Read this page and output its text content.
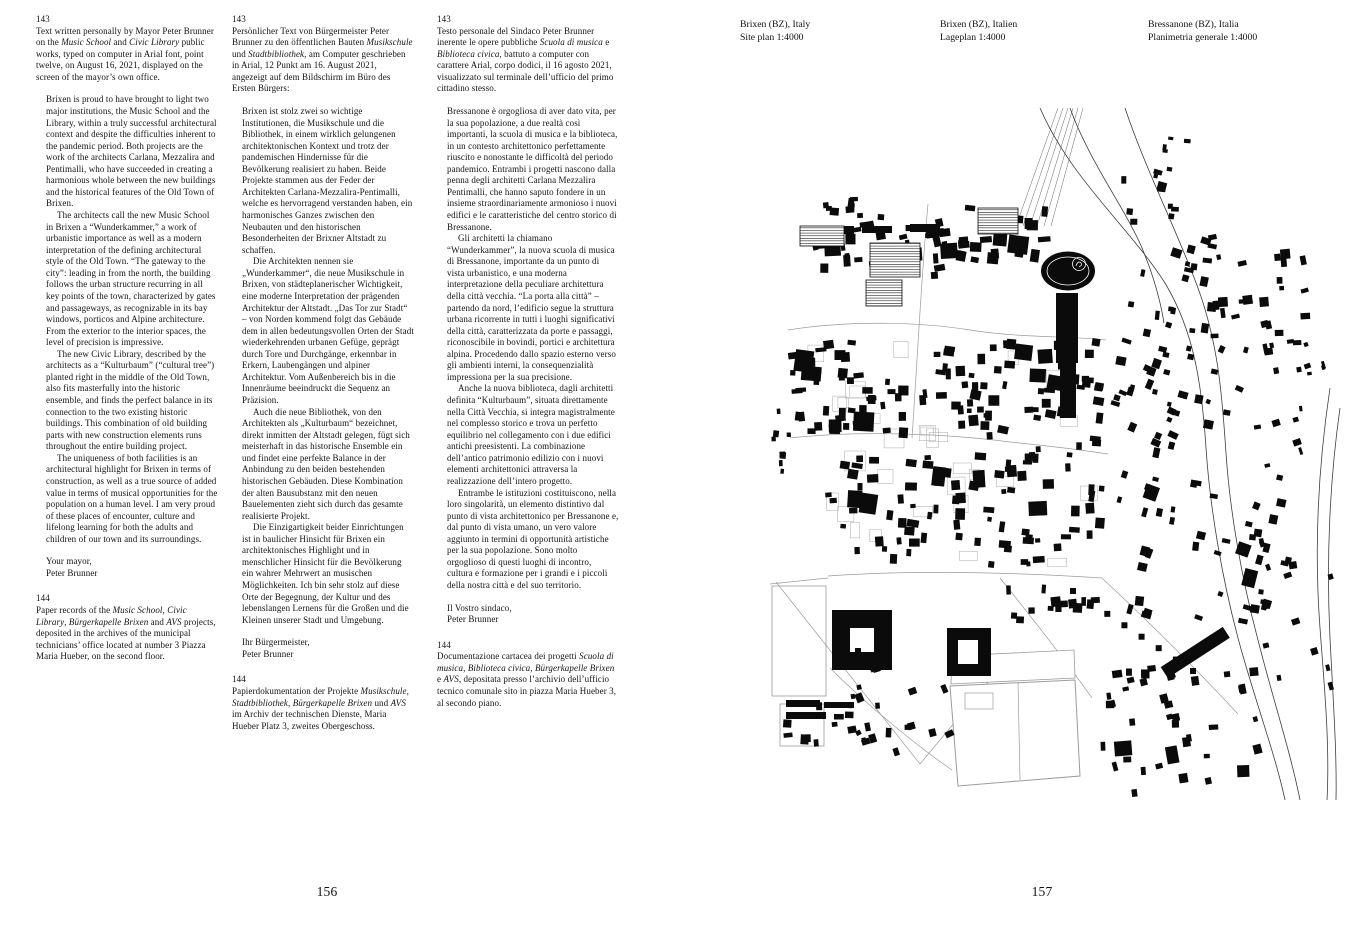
143
Text written personally by Mayor Peter Brunner on the Music School and Civic Library public works, typed on computer in Arial font, point twelve, on August 16, 2021, displayed on the screen of the mayor’s own office.
Brixen is proud to have brought to light two major institutions, the Music School and the Library, within a truly successful architectural context and despite the difficulties inherent to the pandemic period. Both projects are the work of the architects Carlana, Mezzalira and Pentimalli, who have succeeded in creating a harmonious whole between the new buildings and the historical features of the Old Town of Brixen.
The architects call the new Music School in Brixen a “Wunderkammer,” a work of urbanistic importance as well as a modern interpretation of the defining architectural style of the Old Town. “The gateway to the city”: leading in from the north, the building follows the urban structure recurring in all key points of the town, characterized by gates and passageways, as recognizable in its bay windows, porticos and Alpine architecture. From the exterior to the interior spaces, the level of precision is impressive.
The new Civic Library, described by the architects as a “Kulturbaum” (“cultural tree”) planted right in the middle of the Old Town, also fits masterfully into the historic ensemble, and finds the perfect balance in its connection to the two existing historic buildings. This combination of old building parts with new construction elements runs throughout the entire building project.
The uniqueness of both facilities is an architectural highlight for Brixen in terms of construction, as well as a true source of added value in terms of musical opportunities for the population on a human level. I am very proud of these places of encounter, culture and lifelong learning for both the adults and children of our town and its surroundings.
Your mayor,
Peter Brunner
144
Paper records of the Music School, Civic Library, Bürgerkapelle Brixen and AVS projects, deposited in the archives of the municipal technicians’ office located at number 3 Piazza Maria Hueber, on the second floor.
143
Persönlicher Text von Bürgermeister Peter Brunner zu den öffentlichen Bauten Musikschule und Stadtbibliothek, am Computer geschrieben in Arial, 12 Punkt am 16. August 2021, angezeigt auf dem Bildschirm im Büro des Ersten Bürgers:
Brixen ist stolz zwei so wichtige Institutionen, die Musikschule und die Bibliothek, in einem wirklich gelungenen architektonischen Kontext und trotz der pandemischen Hindernisse für die Bevölkerung realisiert zu haben. Beide Projekte stammen aus der Feder der Architekten Carlana-Mezzalira-Pentimalli, welche es hervorragend verstanden haben, ein harmonisches Ganzes zwischen den Neubauten und den historischen Besonderheiten der Brixner Altstadt zu schaffen.
Die Architekten nennen sie „Wunderkammer“, die neue Musikschule in Brixen, von städteplanerischer Wichtigkeit, eine moderne Interpretation der prägenden Architektur der Altstadt. „Das Tor zur Stadt“ – von Norden kommend folgt das Gebäude dem in allen bedeutungsvollen Orten der Stadt wiederkehrenden urbanen Gefüge, geprägt durch Tore und Durchgänge, erkennbar in Erkern, Laubengängen und alpiner Architektur. Vom Außenbereich bis in die Innenräume beeindruckt die Sequenz an Präzision.
Auch die neue Bibliothek, von den Architekten als „Kulturbaum“ bezeichnet, direkt inmitten der Altstadt gelegen, fügt sich meisterhaft in das historische Ensemble ein und findet eine perfekte Balance in der Anbindung zu den beiden bestehenden historischen Gebäuden. Diese Kombination der alten Bausubstanz mit den neuen Bauelementen zieht sich durch das gesamte realisierte Projekt.
Die Einzigartigkeit beider Einrichtungen ist in baulicher Hinsicht für Brixen ein architektonisches Highlight und in menschlicher Hinsicht für die Bevölkerung ein wahrer Mehrwert an musischen Möglichkeiten. Ich bin sehr stolz auf diese Orte der Begegnung, der Kultur und des lebenslangen Lernens für die Großen und die Kleinen unserer Stadt und Umgebung.
Ihr Bürgermeister,
Peter Brunner
144
Papierdokumentation der Projekte Musikschule, Stadtbibliothek, Bürgerkapelle Brixen und AVS im Archiv der technischen Dienste, Maria Hueber Platz 3, zweites Obergeschoss.
143
Testo personale del Sindaco Peter Brunner inerente le opere pubbliche Scuola di musica e Biblioteca civica, battuto a computer con carattere Arial, corpo dodici, il 16 agosto 2021, visualizzato sul terminale dell’ufficio del primo cittadino stesso.
Bressanone è orgogliosa di aver dato vita, per la sua popolazione, a due realtà così importanti, la scuola di musica e la biblioteca, in un contesto architettonico perfettamente riuscito e nonostante le difficoltà del periodo pandemico. Entrambi i progetti nascono dalla penna degli architetti Carlana Mezzalira Pentimalli, che hanno saputo fondere in un insieme straordinariamente armonioso i nuovi edifici e le caratteristiche del centro storico di Bressanone.
Gli architetti la chiamano “Wunderkammer”, la nuova scuola di musica di Bressanone, importante da un punto di vista urbanistico, e una moderna interpretazione della peculiare architettura della città vecchia. “La porta alla città” – partendo da nord, l’edificio segue la struttura urbana ricorrente in tutti i luoghi significativi della città, caratterizzata da porte e passaggi, riconoscibile in bovindi, portici e architettura alpina. Procedendo dallo spazio esterno verso gli ambienti interni, la consequenzialità impressiona per la sua precisione.
Anche la nuova biblioteca, dagli architetti definita “Kulturbaum”, situata direttamente nella Città Vecchia, si integra magistralmente nel complesso storico e trova un perfetto equilibrio nel collegamento con i due edifici antichi preesistenti. La combinazione dell’antico patrimonio edilizio con i nuovi elementi architettonici attraversa la realizzazione dell’intero progetto.
Entrambe le istituzioni costituiscono, nella loro singolarità, un elemento distintivo dal punto di vista architettonico per Bressanone e, dal punto di vista umano, un vero valore aggiunto in termini di opportunità artistiche per la sua popolazione. Sono molto orgoglioso di questi luoghi di incontro, cultura e formazione per i grandi e i piccoli della nostra città e del suo territorio.
Il Vostro sindaco,
Peter Brunner
144
Documentazione cartacea dei progetti Scuola di musica, Biblioteca civica, Bürgerkapelle Brixen e AVS, depositata presso l’archivio dell’ufficio tecnico comunale sito in piazza Maria Hueber 3, al secondo piano.
156
Brixen (BZ), Italy
Site plan 1:4000
Brixen (BZ), Italien
Lageplan 1:4000
Bressanone (BZ), Italia
Planimetria generale 1:4000
157
